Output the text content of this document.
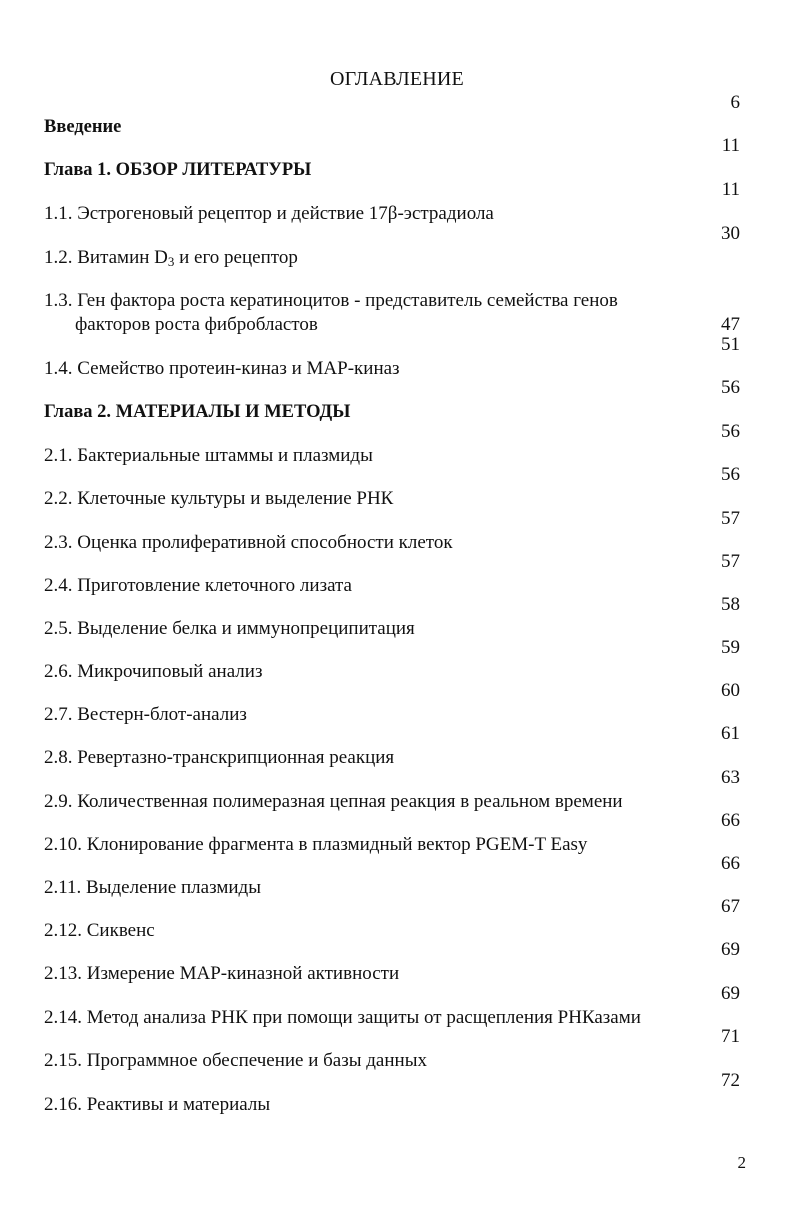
ОГЛАВЛЕНИЕ
Введение
6
Глава 1. ОБЗОР ЛИТЕРАТУРЫ
11
1.1. Эстрогеновый рецептор и действие 17β-эстрадиола
11
1.2. Витамин $D_3$ и его рецептор
30
1.3. Ген фактора роста кератиноцитов - представитель семейства генов
факторов роста фибробластов	47
1.4. Семейство протеин-киназ и МАР-киназ
51
Глава 2. МАТЕРИАЛЫ И МЕТОДЫ
56
2.1. Бактериальные штаммы и плазмиды
56
2.2. Клеточные культуры и выделение РНК
56
2.3. Оценка пролиферативной способности клеток
57
2.4. Приготовление клеточного лизата
57
2.5. Выделение белка и иммунопреципитация
58
2.6. Микрочиповый анализ
59
2.7. Вестерн-блот-анализ
60
2.8. Ревертазно-транскрипционная реакция
61
2.9. Количественная полимеразная цепная реакция в реальном времени
63
2.10. Клонирование фрагмента в плазмидный вектор PGEM-T Easy
66
2.11. Выделение плазмиды
66
2.12. Сиквенс
67
2.13. Измерение МАР-киназной активности
69
2.14. Метод анализа РНК при помощи защиты от расщепления РНКазами
69
2.15. Программное обеспечение и базы данных
71
2.16. Реактивы и материалы
72
2
